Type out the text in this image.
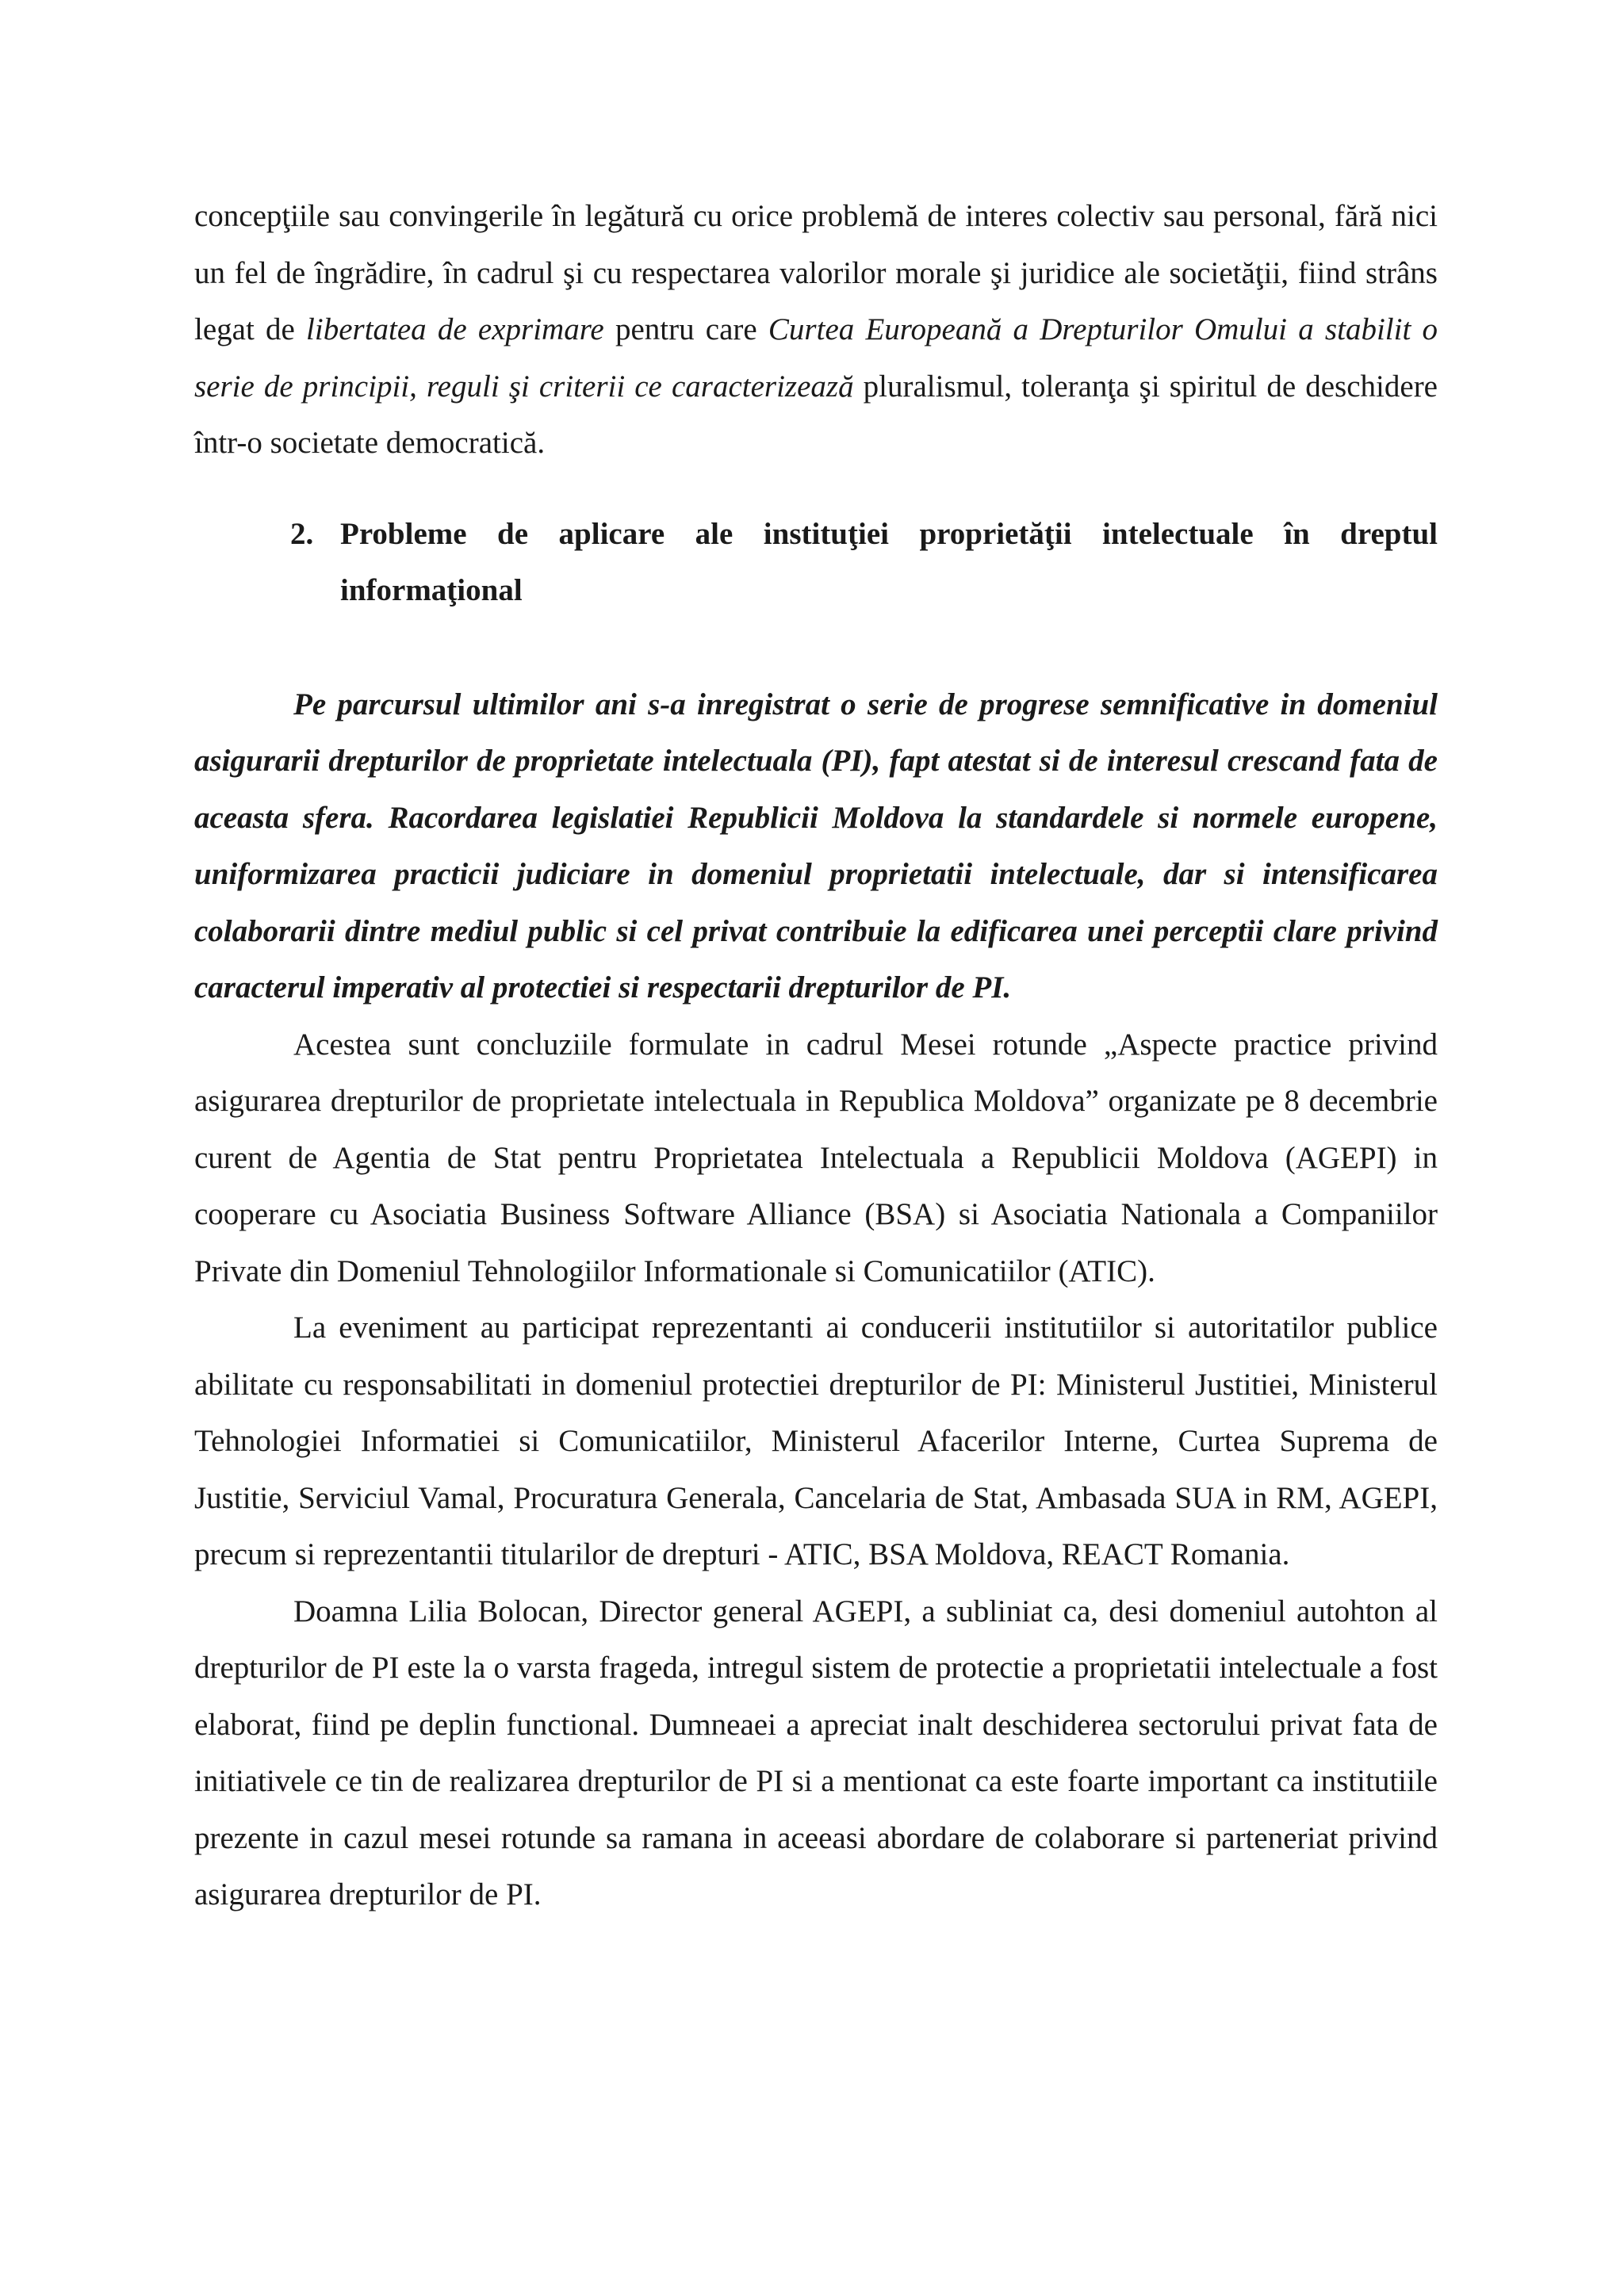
concepţiile sau convingerile în legătură cu orice problemă de interes colectiv sau personal, fără nici un fel de îngrădire, în cadrul şi cu respectarea valorilor morale şi juridice ale societăţii, fiind strâns legat de libertatea de exprimare pentru care Curtea Europeană a Drepturilor Omului a stabilit o serie de principii, reguli şi criterii ce caracterizează pluralismul, toleranţa şi spiritul de deschidere într-o societate democratică.

2. Probleme de aplicare ale instituţiei proprietăţii intelectuale în dreptul informaţional

Pe parcursul ultimilor ani s-a inregistrat o serie de progrese semnificative in domeniul asigurarii drepturilor de proprietate intelectuala (PI), fapt atestat si de interesul crescand fata de aceasta sfera. Racordarea legislatiei Republicii Moldova la standardele si normele europene, uniformizarea practicii judiciare in domeniul proprietatii intelectuale, dar si intensificarea colaborarii dintre mediul public si cel privat contribuie la edificarea unei perceptii clare privind caracterul imperativ al protectiei si respectarii drepturilor de PI.

Acestea sunt concluziile formulate in cadrul Mesei rotunde „Aspecte practice privind asigurarea drepturilor de proprietate intelectuala in Republica Moldova” organizate pe 8 decembrie curent de Agentia de Stat pentru Proprietatea Intelectuala a Republicii Moldova (AGEPI) in cooperare cu Asociatia Business Software Alliance (BSA) si Asociatia Nationala a Companiilor Private din Domeniul Tehnologiilor Informationale si Comunicatiilor (ATIC).

La eveniment au participat reprezentanti ai conducerii institutiilor si autoritatilor publice abilitate cu responsabilitati in domeniul protectiei drepturilor de PI: Ministerul Justitiei, Ministerul Tehnologiei Informatiei si Comunicatiilor, Ministerul Afacerilor Interne, Curtea Suprema de Justitie, Serviciul Vamal, Procuratura Generala, Cancelaria de Stat, Ambasada SUA in RM, AGEPI, precum si reprezentantii titularilor de drepturi - ATIC, BSA Moldova, REACT Romania.

Doamna Lilia Bolocan, Director general AGEPI, a subliniat ca, desi domeniul autohton al drepturilor de PI este la o varsta frageda, intregul sistem de protectie a proprietatii intelectuale a fost elaborat, fiind pe deplin functional. Dumneaei a apreciat inalt deschiderea sectorului privat fata de initiativele ce tin de realizarea drepturilor de PI si a mentionat ca este foarte important ca institutiile prezente in cazul mesei rotunde sa ramana in aceeasi abordare de colaborare si parteneriat privind asigurarea drepturilor de PI.
